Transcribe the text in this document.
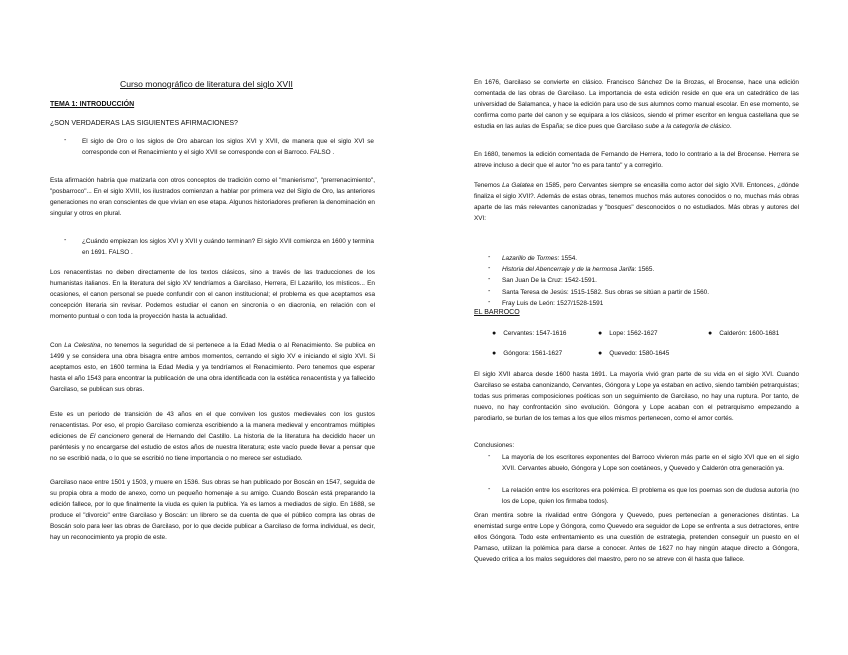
Curso monográfico de literatura del siglo XVII
TEMA 1: INTRODUCCIÓN
¿SON VERDADERAS LAS SIGUIENTES AFIRMACIONES?
- El siglo de Oro o los siglos de Oro abarcan los siglos XVI y XVII, de manera que el siglo XVI se corresponde con el Renacimiento y el siglo XVII se corresponde con el Barroco. FALSO .
Esta afirmación habría que matizarla con otros conceptos de tradición como el "manierismo", "prerrenacimiento", "posbarroco"... En el siglo XVIII, los ilustrados comienzan a hablar por primera vez del Siglo de Oro, las anteriores generaciones no eran conscientes de que vivían en ese etapa. Algunos historiadores prefieren la denominación en singular y otros en plural.
- ¿Cuándo empiezan los siglos XVI y XVII y cuándo terminan? El siglo XVII comienza en 1600 y termina en 1691. FALSO .
Los renacentistas no deben directamente de los textos clásicos, sino a través de las traducciones de los humanistas italianos. En la literatura del siglo XV tendríamos a Garcilaso, Herrera, El Lazarillo, los místicos... En ocasiones, el canon personal se puede confundir con el canon institucional; el problema es que aceptamos esa concepción literaria sin revisar. Podemos estudiar el canon en sincronía o en diacronía, en relación con el momento puntual o con toda la proyección hasta la actualidad.
Con La Celestina, no tenemos la seguridad de si pertenece a la Edad Media o al Renacimiento. Se publica en 1499 y se considera una obra bisagra entre ambos momentos, cerrando el siglo XV e iniciando el siglo XVI. Si aceptamos esto, en 1600 termina la Edad Media y ya tendríamos el Renacimiento. Pero tenemos que esperar hasta el año 1543 para encontrar la publicación de una obra identificada con la estética renacentista y ya fallecido Garcilaso, se publican sus obras.
Este es un periodo de transición de 43 años en el que conviven los gustos medievales con los gustos renacentistas. Por eso, el propio Garcilaso comienza escribiendo a la manera medieval y encontramos múltiples ediciones de El cancionero general de Hernando del Castillo. La historia de la literatura ha decidido hacer un paréntesis y no encargarse del estudio de estos años de nuestra literatura; este vacío puede llevar a pensar que no se escribió nada, o lo que se escribió no tiene importancia o no merece ser estudiado.
Garcilaso nace entre 1501 y 1503, y muere en 1536. Sus obras se han publicado por Boscán en 1547, seguida de su propia obra a modo de anexo, como un pequeño homenaje a su amigo. Cuando Boscán está preparando la edición fallece, por lo que finalmente la viuda es quien la publica. Ya es lamos a mediados de siglo. En 1688, se produce el "divorcio" entre Garcilaso y Boscán: un librero se da cuenta de que el público compra las obras de Boscán solo para leer las obras de Garcilaso, por lo que decide publicar a Garcilaso de forma individual, es decir, hay un reconocimiento ya propio de este.
En 1676, Garcilaso se convierte en clásico. Francisco Sánchez De la Brozas, el Brocense, hace una edición comentada de las obras de Garcilaso. La importancia de esta edición reside en que era un catedrático de las universidad de Salamanca, y hace la edición para uso de sus alumnos como manual escolar. En ese momento, se confirma como parte del canon y se equipara a los clásicos, siendo el primer escritor en lengua castellana que se estudia en las aulas de España; se dice pues que Garcilaso sube a la categoría de clásico.
En 1680, tenemos la edición comentada de Fernando de Herrera, todo lo contrario a la del Brocense. Herrera se atreve incluso a decir que el autor "no es para tanto" y a corregirlo.
Tenemos La Galatea en 1585, pero Cervantes siempre se encasilla como actor del siglo XVII. Entonces, ¿dónde finaliza el siglo XVII?. Además de estas obras, tenemos muchos más autores conocidos o no, muchas más obras aparte de las más relevantes canonizadas y "bosques" desconocidos o no estudiados. Más obras y autores del XVI:
- Lazarillo de Tormes: 1554.
- Historia del Abencerraje y de la hermosa Jarifa: 1565.
- San Juan De la Cruz: 1542-1591.
- Santa Teresa de Jesús: 1515-1582. Sus obras se sitúan a partir de 1560.
- Fray Luis de León: 1527/1528-1591
EL BARROCO
● Cervantes: 1547-1616	● Lope: 1562-1627	● Calderón: 1600-1681
● Góngora: 1561-1627	● Quevedo: 1580-1645
El siglo XVII abarca desde 1600 hasta 1691. La mayoría vivió gran parte de su vida en el siglo XVI. Cuando Garcilaso se estaba canonizando, Cervantes, Góngora y Lope ya estaban en activo, siendo también petrarquistas; todas sus primeras composiciones poéticas son un seguimiento de Garcilaso, no hay una ruptura. Por tanto, de nuevo, no hay confrontación sino evolución. Góngora y Lope acaban con el petrarquismo empezando a parodiarlo, se burlan de los temas a los que ellos mismos pertenecen, como el amor cortés.
Conclusiones:
- La mayoría de los escritores exponentes del Barroco vivieron más parte en el siglo XVI que en el siglo XVII. Cervantes abuelo, Góngora y Lope son coetáneos, y Quevedo y Calderón otra generación ya.
- La relación entre los escritores era polémica. El problema es que los poemas son de dudosa autoría (no los de Lope, quien los firmaba todos).
Gran mentira sobre la rivalidad entre Góngora y Quevedo, pues pertenecían a generaciones distintas. La enemistad surge entre Lope y Góngora, como Quevedo era seguidor de Lope se enfrenta a sus detractores, entre ellos Góngora. Todo este enfrentamiento es una cuestión de estrategia, pretenden conseguir un puesto en el Parnaso, utilizan la polémica para darse a conocer. Antes de 1627 no hay ningún ataque directo a Góngora, Quevedo critica a los malos seguidores del maestro, pero no se atreve con él hasta que fallece.
